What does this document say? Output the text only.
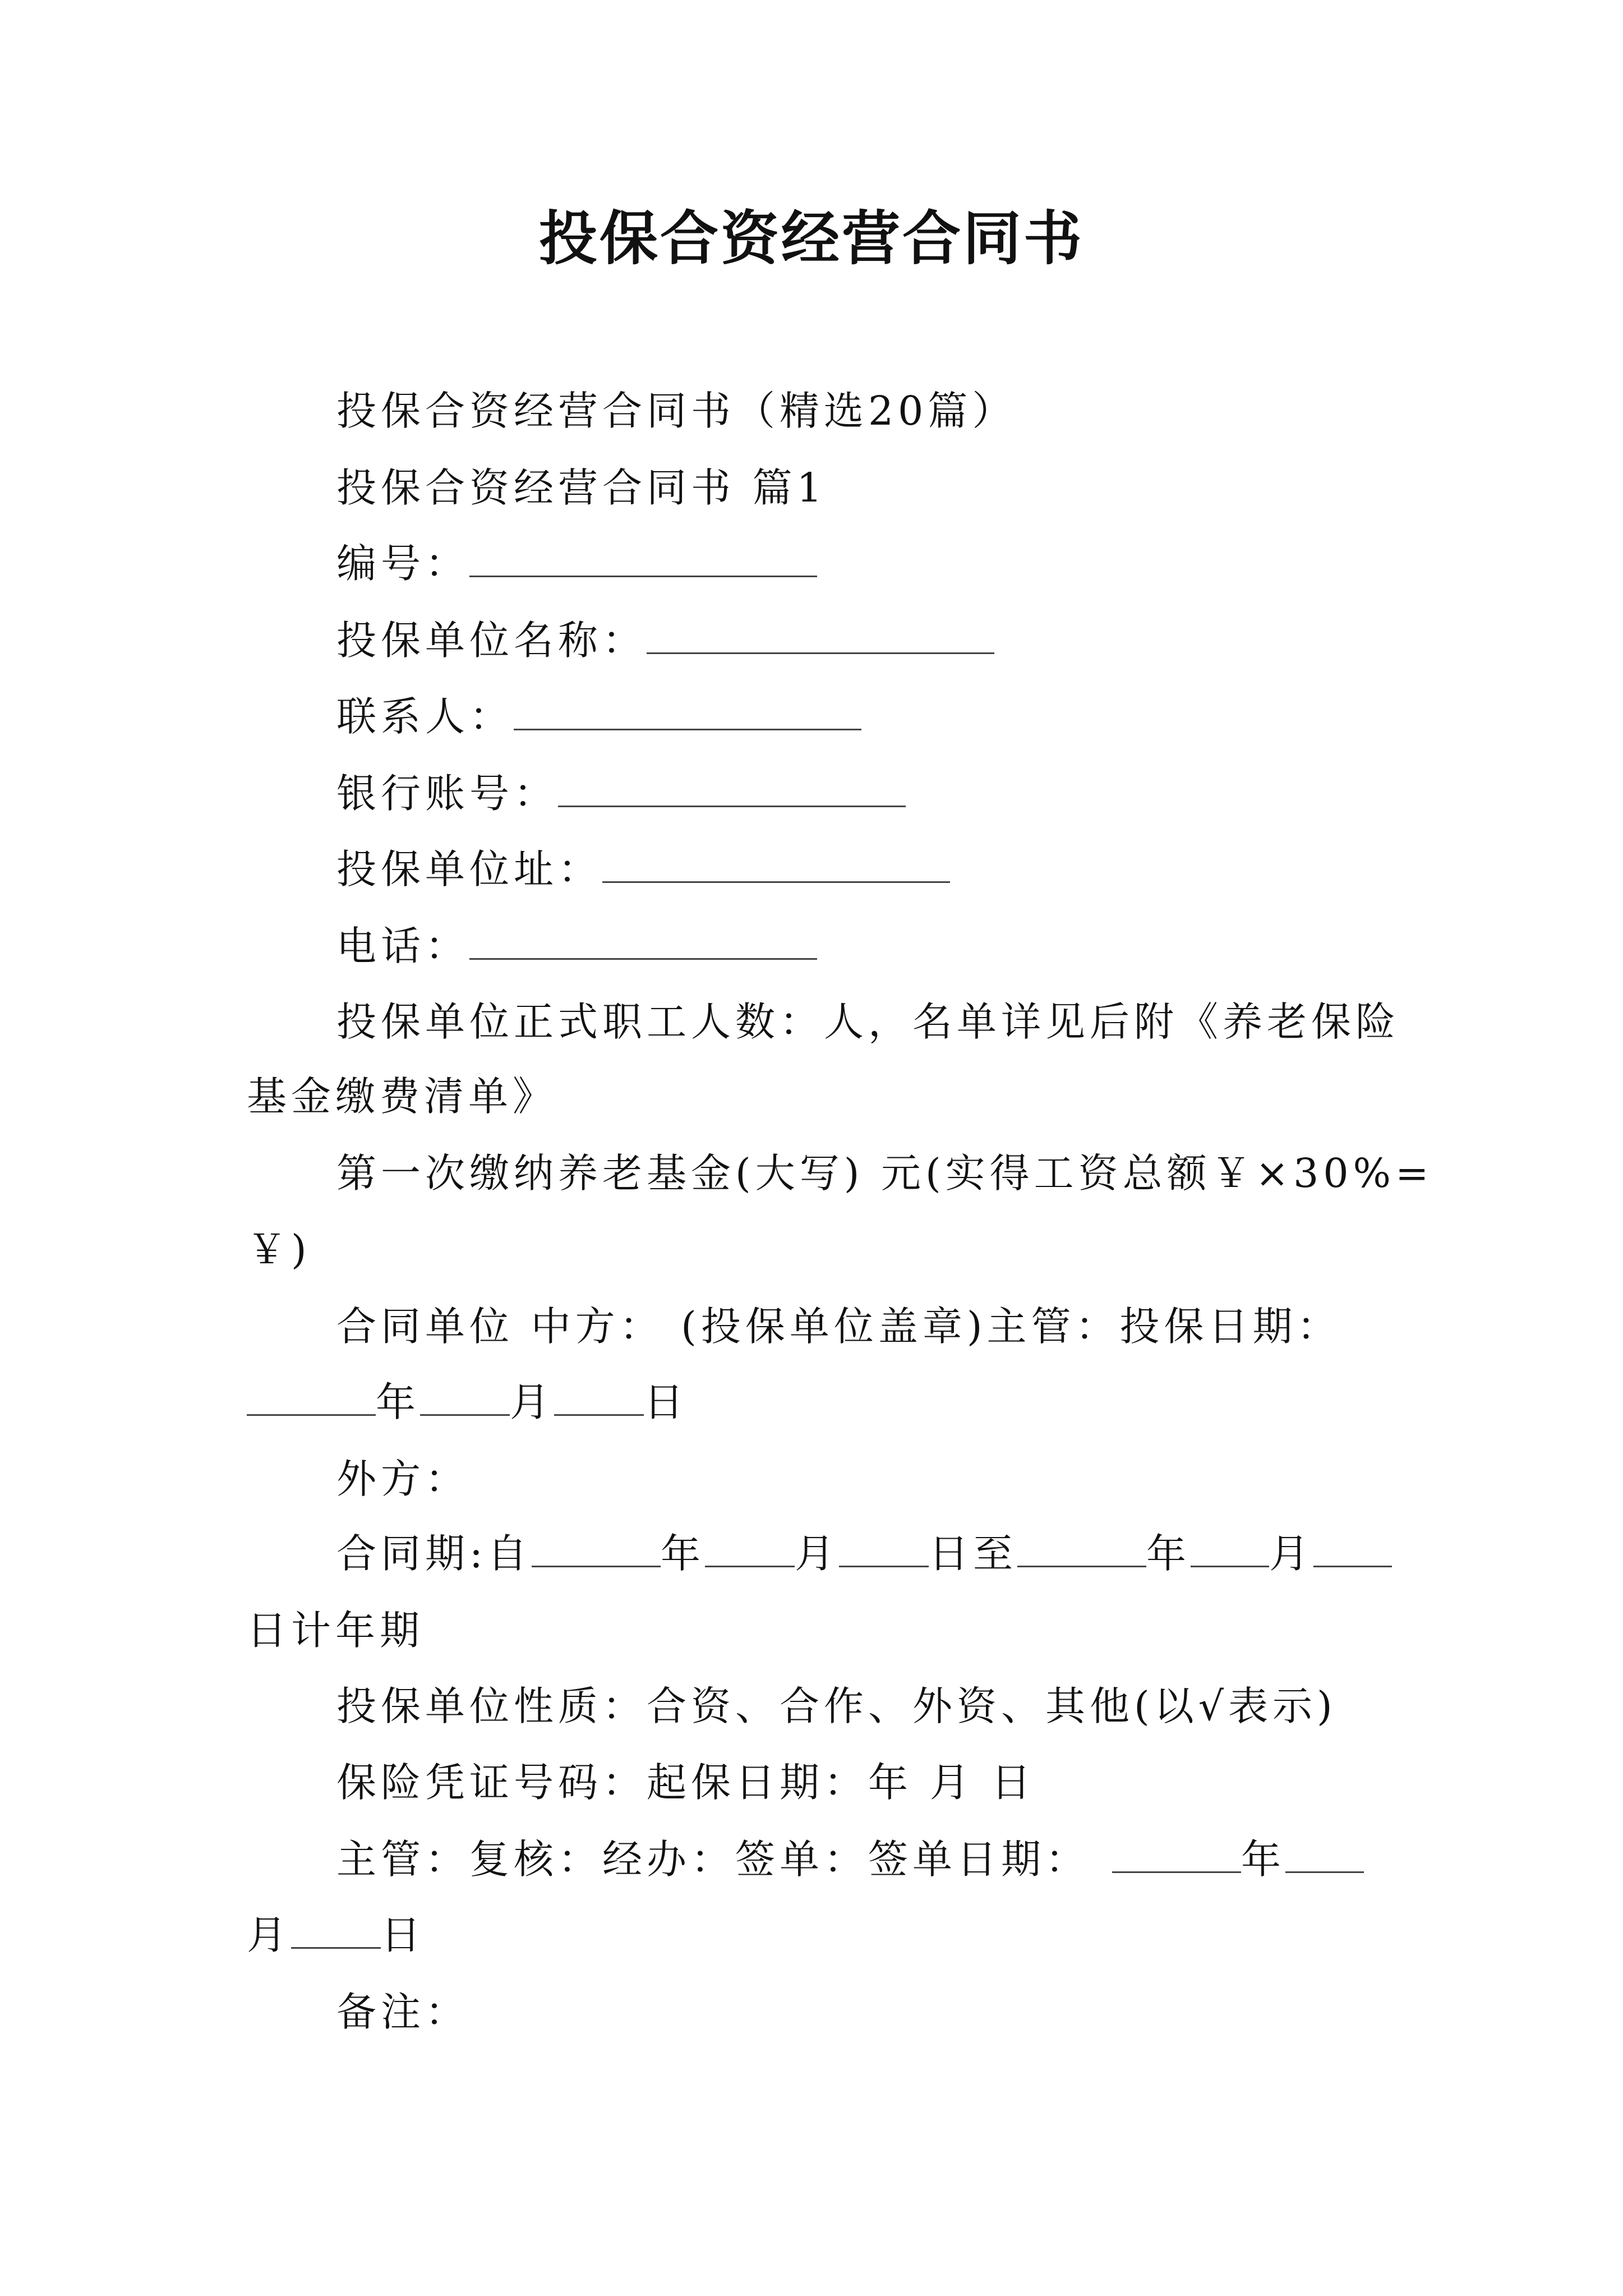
投保合资经营合同书
投保合资经营合同书（精选20篇）
投保合资经营合同书 篇1
编号：
投保单位名称：
联系人：
银行账号：
投保单位址：
电话：
投保单位正式职工人数：人，名单详见后附《养老保险
基金缴费清单》
第一次缴纳养老基金(大写) 元(实得工资总额￥×30%=
￥)
合同单位 中方： (投保单位盖章)主管：投保日期：
年 月 日
外方：
合同期:自	年 月 日至	年 月
日计年期
投保单位性质：合资、合作、外资、其他(以√表示)
保险凭证号码：起保日期：年 月 日
主管：复核：经办：签单：签单日期：	年
月 日
备注：
